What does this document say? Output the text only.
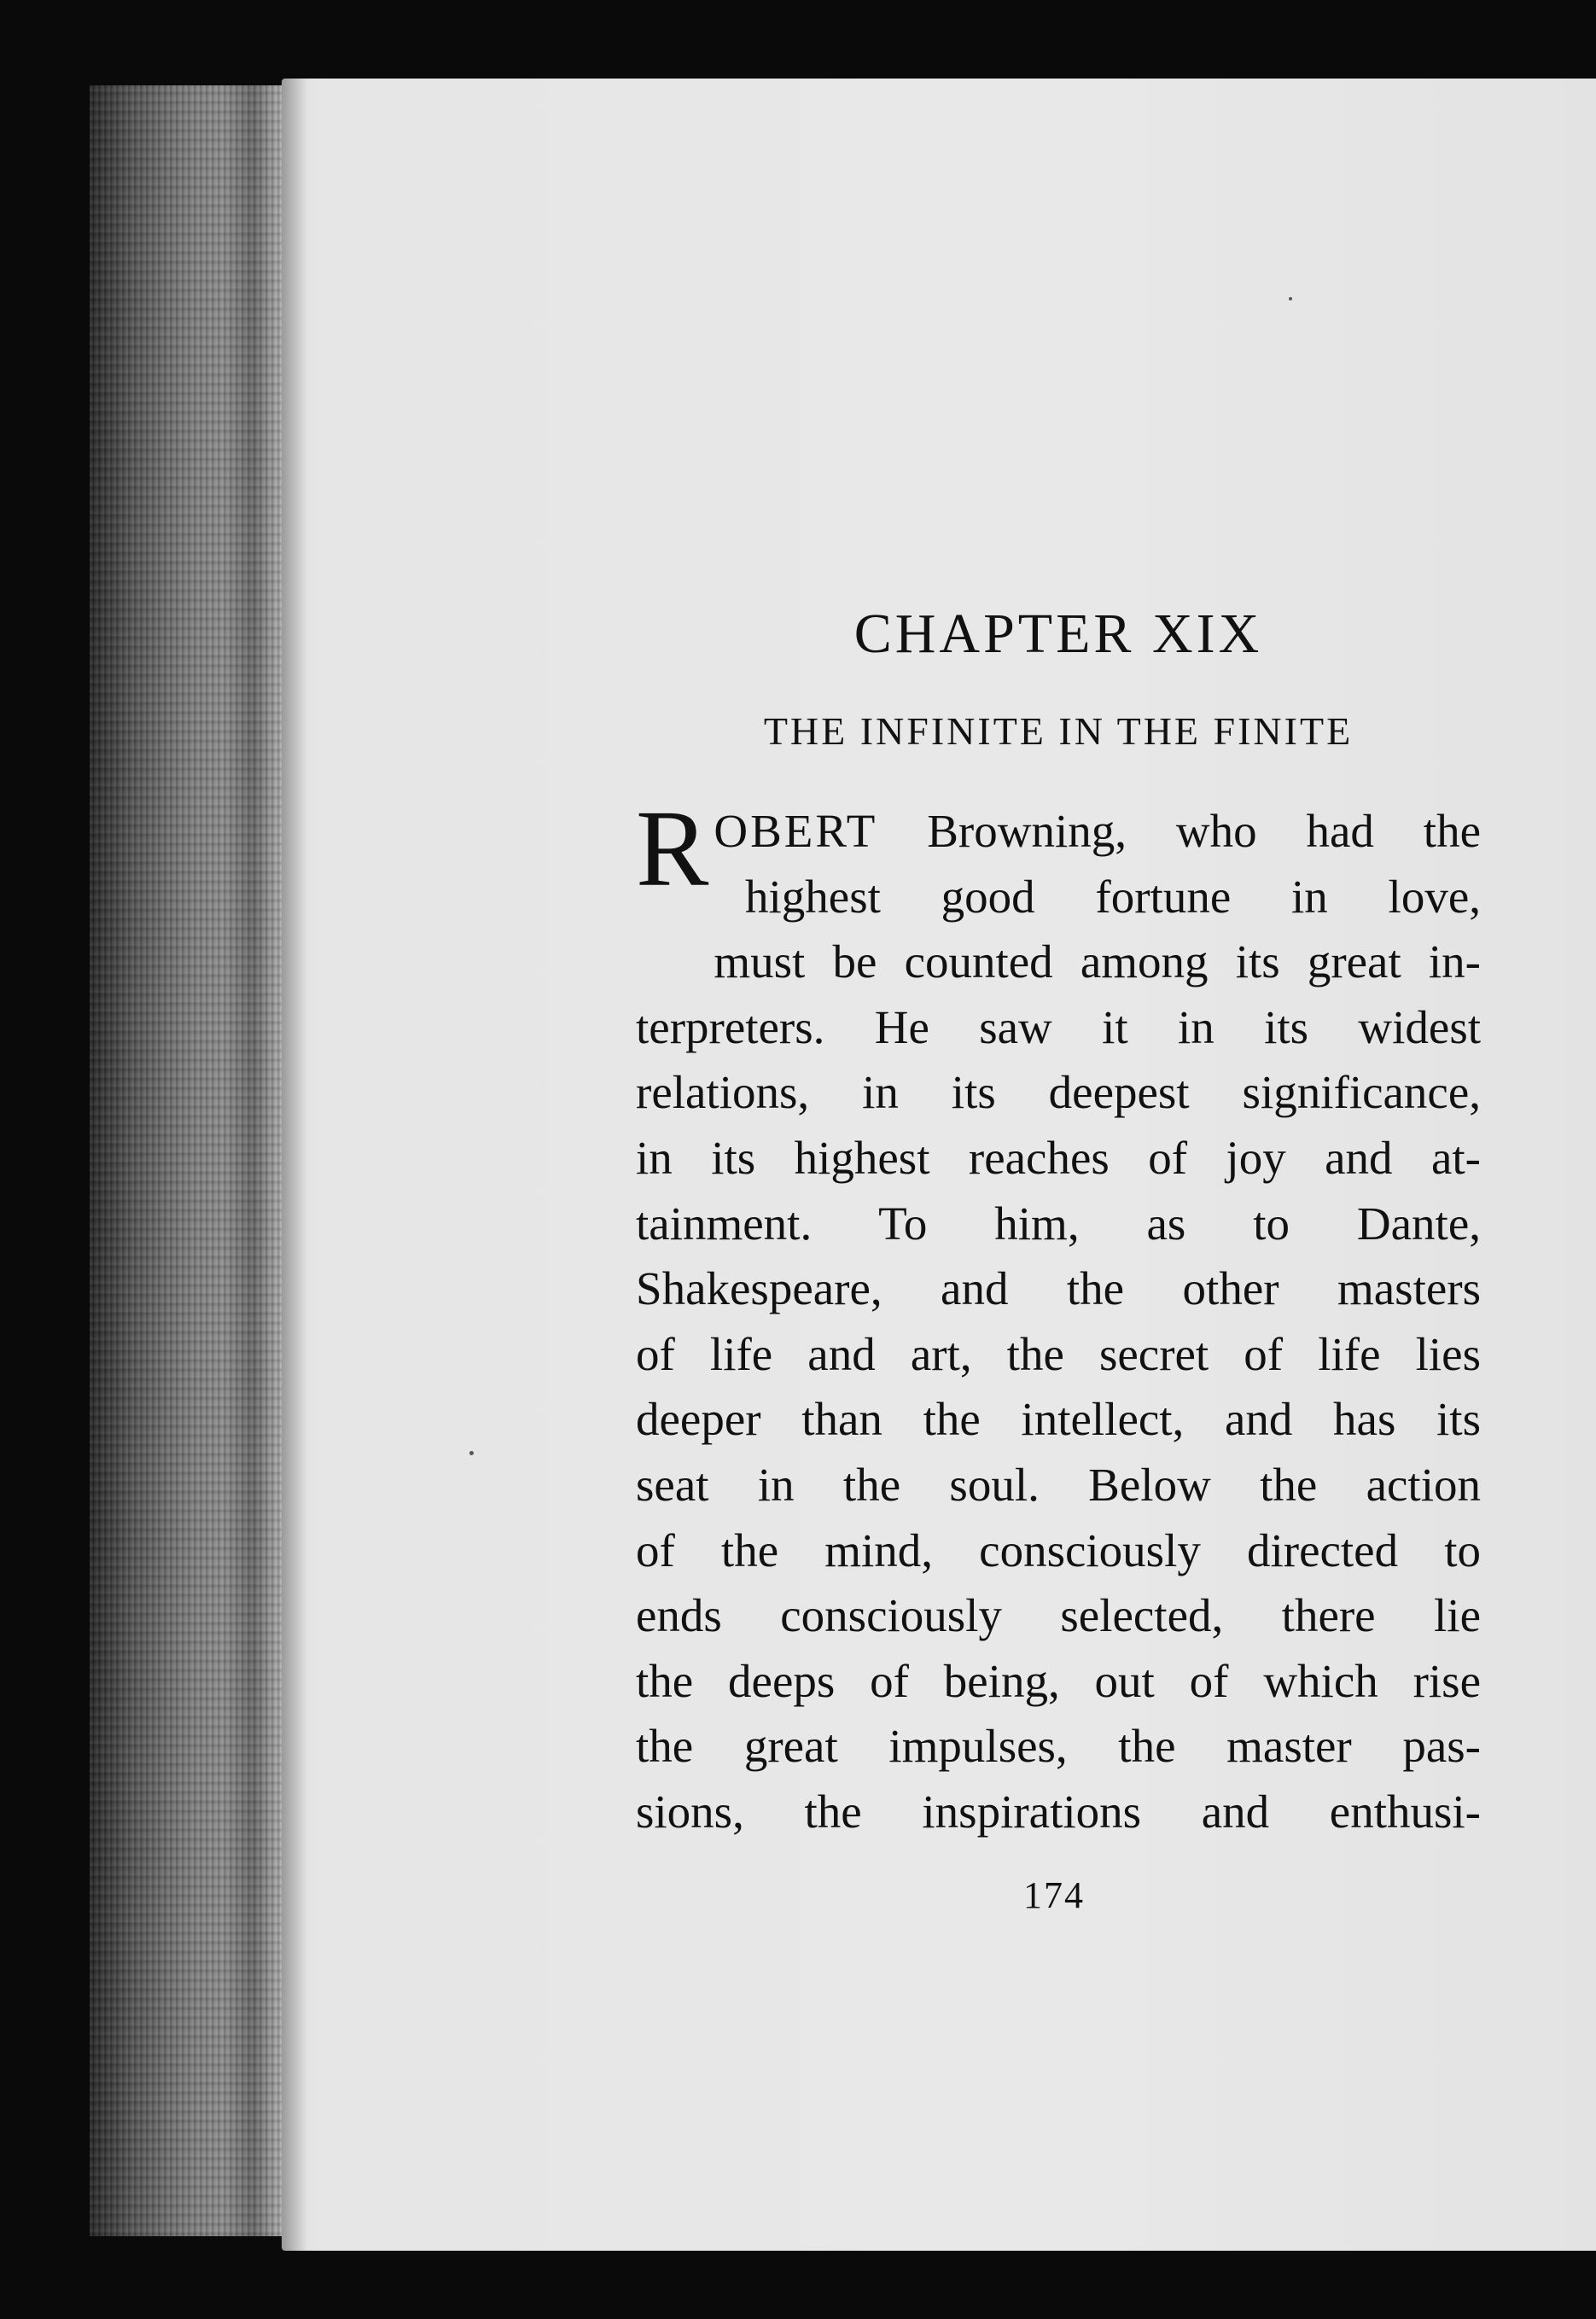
CHAPTER XIX
THE INFINITE IN THE FINITE
R OBERT Browning, who had the
highest good fortune in love,
must be counted among its great in-
terpreters. He saw it in its widest
relations, in its deepest significance,
in its highest reaches of joy and at-
tainment. To him, as to Dante,
Shakespeare, and the other masters
of life and art, the secret of life lies
deeper than the intellect, and has its
seat in the soul. Below the action
of the mind, consciously directed to
ends consciously selected, there lie
the deeps of being, out of which rise
the great impulses, the master pas-
sions, the inspirations and enthusi-
174
